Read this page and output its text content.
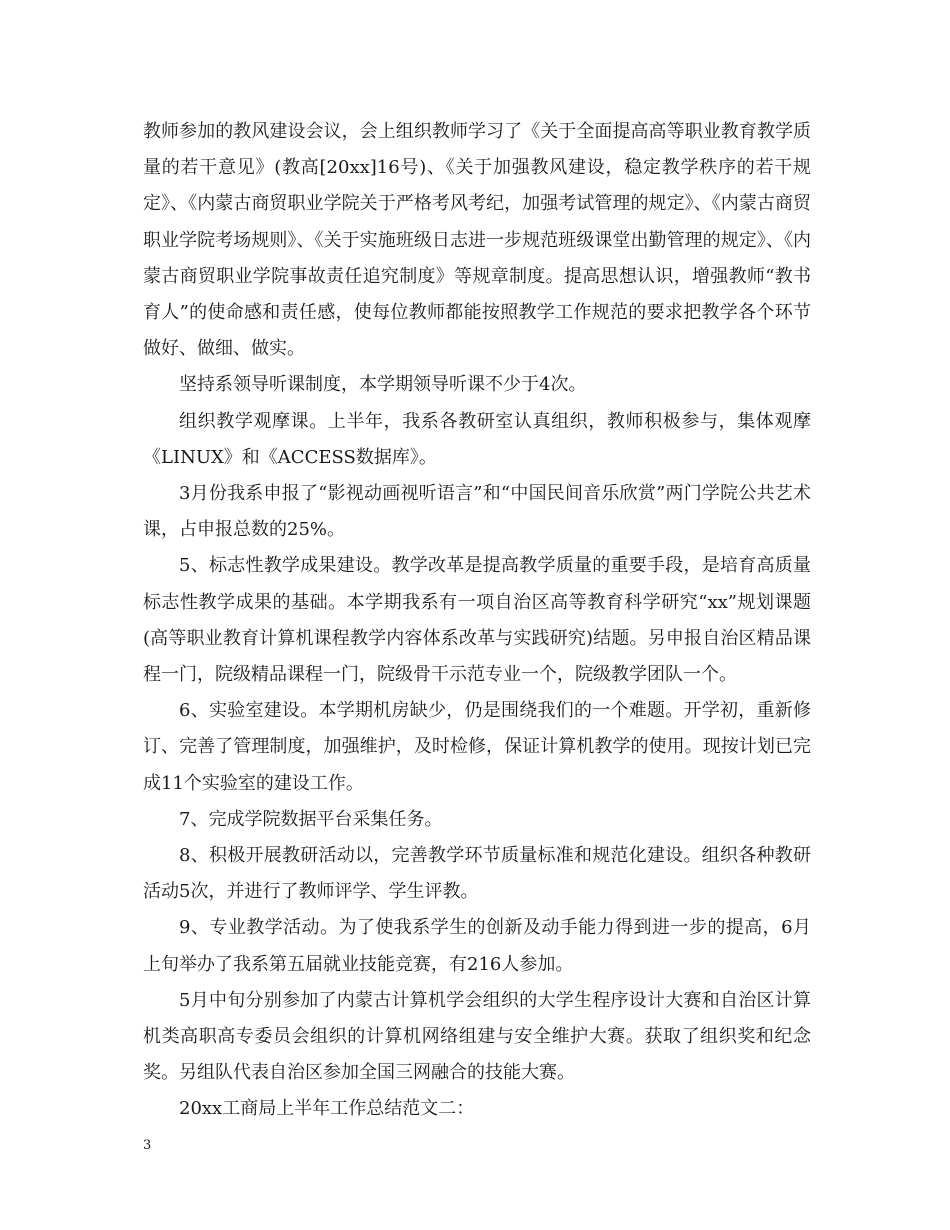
教师参加的教风建设会议，会上组织教师学习了《关于全面提高高等职业教育教学质量的若干意见》(教高[20xx]16号)、《关于加强教风建设，稳定教学秩序的若干规定》、《内蒙古商贸职业学院关于严格考风考纪，加强考试管理的规定》、《内蒙古商贸职业学院考场规则》、《关于实施班级日志进一步规范班级课堂出勤管理的规定》、《内蒙古商贸职业学院事故责任追究制度》等规章制度。提高思想认识，增强教师“教书育人”的使命感和责任感，使每位教师都能按照教学工作规范的要求把教学各个环节做好、做细、做实。

坚持系领导听课制度，本学期领导听课不少于4次。

组织教学观摩课。上半年，我系各教研室认真组织，教师积极参与，集体观摩《LINUX》和《ACCESS数据库》。

3月份我系申报了“影视动画视听语言”和“中国民间音乐欣赏”两门学院公共艺术课，占申报总数的25%。

5、标志性教学成果建设。教学改革是提高教学质量的重要手段，是培育高质量标志性教学成果的基础。本学期我系有一项自治区高等教育科学研究“xx”规划课题(高等职业教育计算机课程教学内容体系改革与实践研究)结题。另申报自治区精品课程一门，院级精品课程一门，院级骨干示范专业一个，院级教学团队一个。

6、实验室建设。本学期机房缺少，仍是围绕我们的一个难题。开学初，重新修订、完善了管理制度，加强维护，及时检修，保证计算机教学的使用。现按计划已完成11个实验室的建设工作。

7、完成学院数据平台采集任务。

8、积极开展教研活动以，完善教学环节质量标准和规范化建设。组织各种教研活动5次，并进行了教师评学、学生评教。

9、专业教学活动。为了使我系学生的创新及动手能力得到进一步的提高，6月上旬举办了我系第五届就业技能竞赛，有216人参加。

5月中旬分别参加了内蒙古计算机学会组织的大学生程序设计大赛和自治区计算机类高职高专委员会组织的计算机网络组建与安全维护大赛。获取了组织奖和纪念奖。另组队代表自治区参加全国三网融合的技能大赛。

20xx工商局上半年工作总结范文二：

3
